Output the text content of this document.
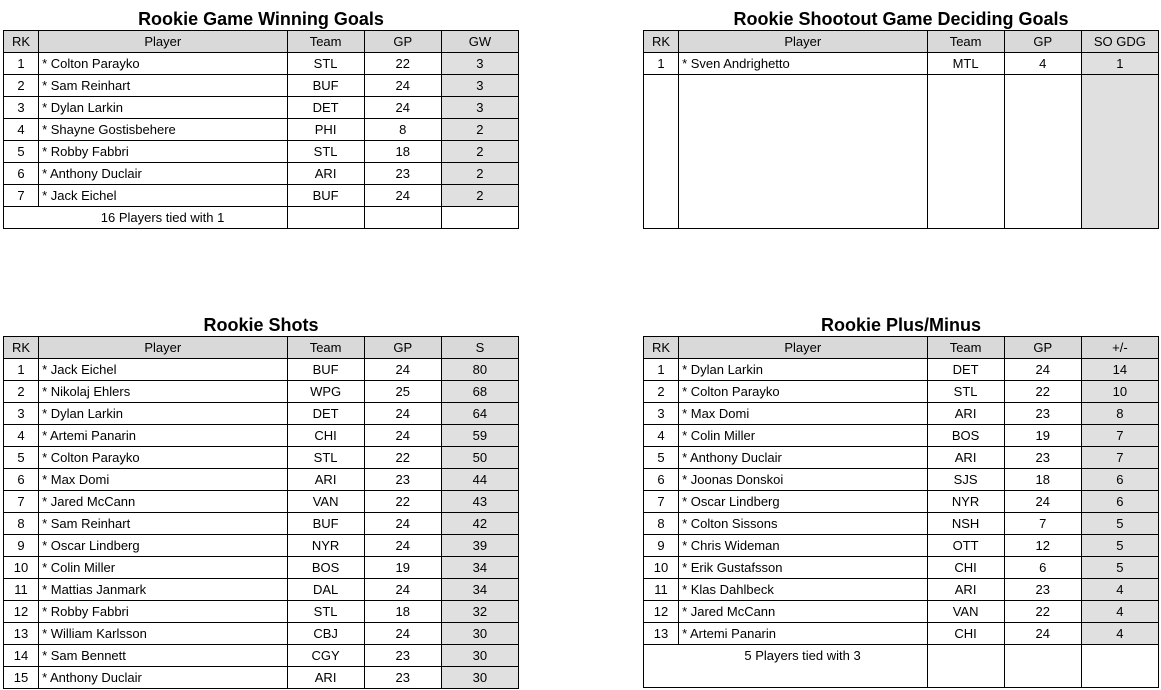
Rookie Game Winning Goals
RK	Player	Team	GP	GW
1	* Colton Parayko	STL	22	3
2	* Sam Reinhart	BUF	24	3
3	* Dylan Larkin	DET	24	3
4	* Shayne Gostisbehere	PHI	8	2
5	* Robby Fabbri	STL	18	2
6	* Anthony Duclair	ARI	23	2
7	* Jack Eichel	BUF	24	2
	16 Players tied with 1			
Rookie Shootout Game Deciding Goals
RK	Player	Team	GP	SO GDG
1	* Sven Andrighetto	MTL	4	1

Rookie Shots
RK	Player	Team	GP	S
1	* Jack Eichel	BUF	24	80
2	* Nikolaj Ehlers	WPG	25	68
3	* Dylan Larkin	DET	24	64
4	* Artemi Panarin	CHI	24	59
5	* Colton Parayko	STL	22	50
6	* Max Domi	ARI	23	44
7	* Jared McCann	VAN	22	43
8	* Sam Reinhart	BUF	24	42
9	* Oscar Lindberg	NYR	24	39
10	* Colin Miller	BOS	19	34
11	* Mattias Janmark	DAL	24	34
12	* Robby Fabbri	STL	18	32
13	* William Karlsson	CBJ	24	30
14	* Sam Bennett	CGY	23	30
15	* Anthony Duclair	ARI	23	30
Rookie Plus/Minus
RK	Player	Team	GP	+/-
1	* Dylan Larkin	DET	24	14
2	* Colton Parayko	STL	22	10
3	* Max Domi	ARI	23	8
4	* Colin Miller	BOS	19	7
5	* Anthony Duclair	ARI	23	7
6	* Joonas Donskoi	SJS	18	6
7	* Oscar Lindberg	NYR	24	6
8	* Colton Sissons	NSH	7	5
9	* Chris Wideman	OTT	12	5
10	* Erik Gustafsson	CHI	6	5
11	* Klas Dahlbeck	ARI	23	4
12	* Jared McCann	VAN	22	4
13	* Artemi Panarin	CHI	24	4
	5 Players tied with 3			
